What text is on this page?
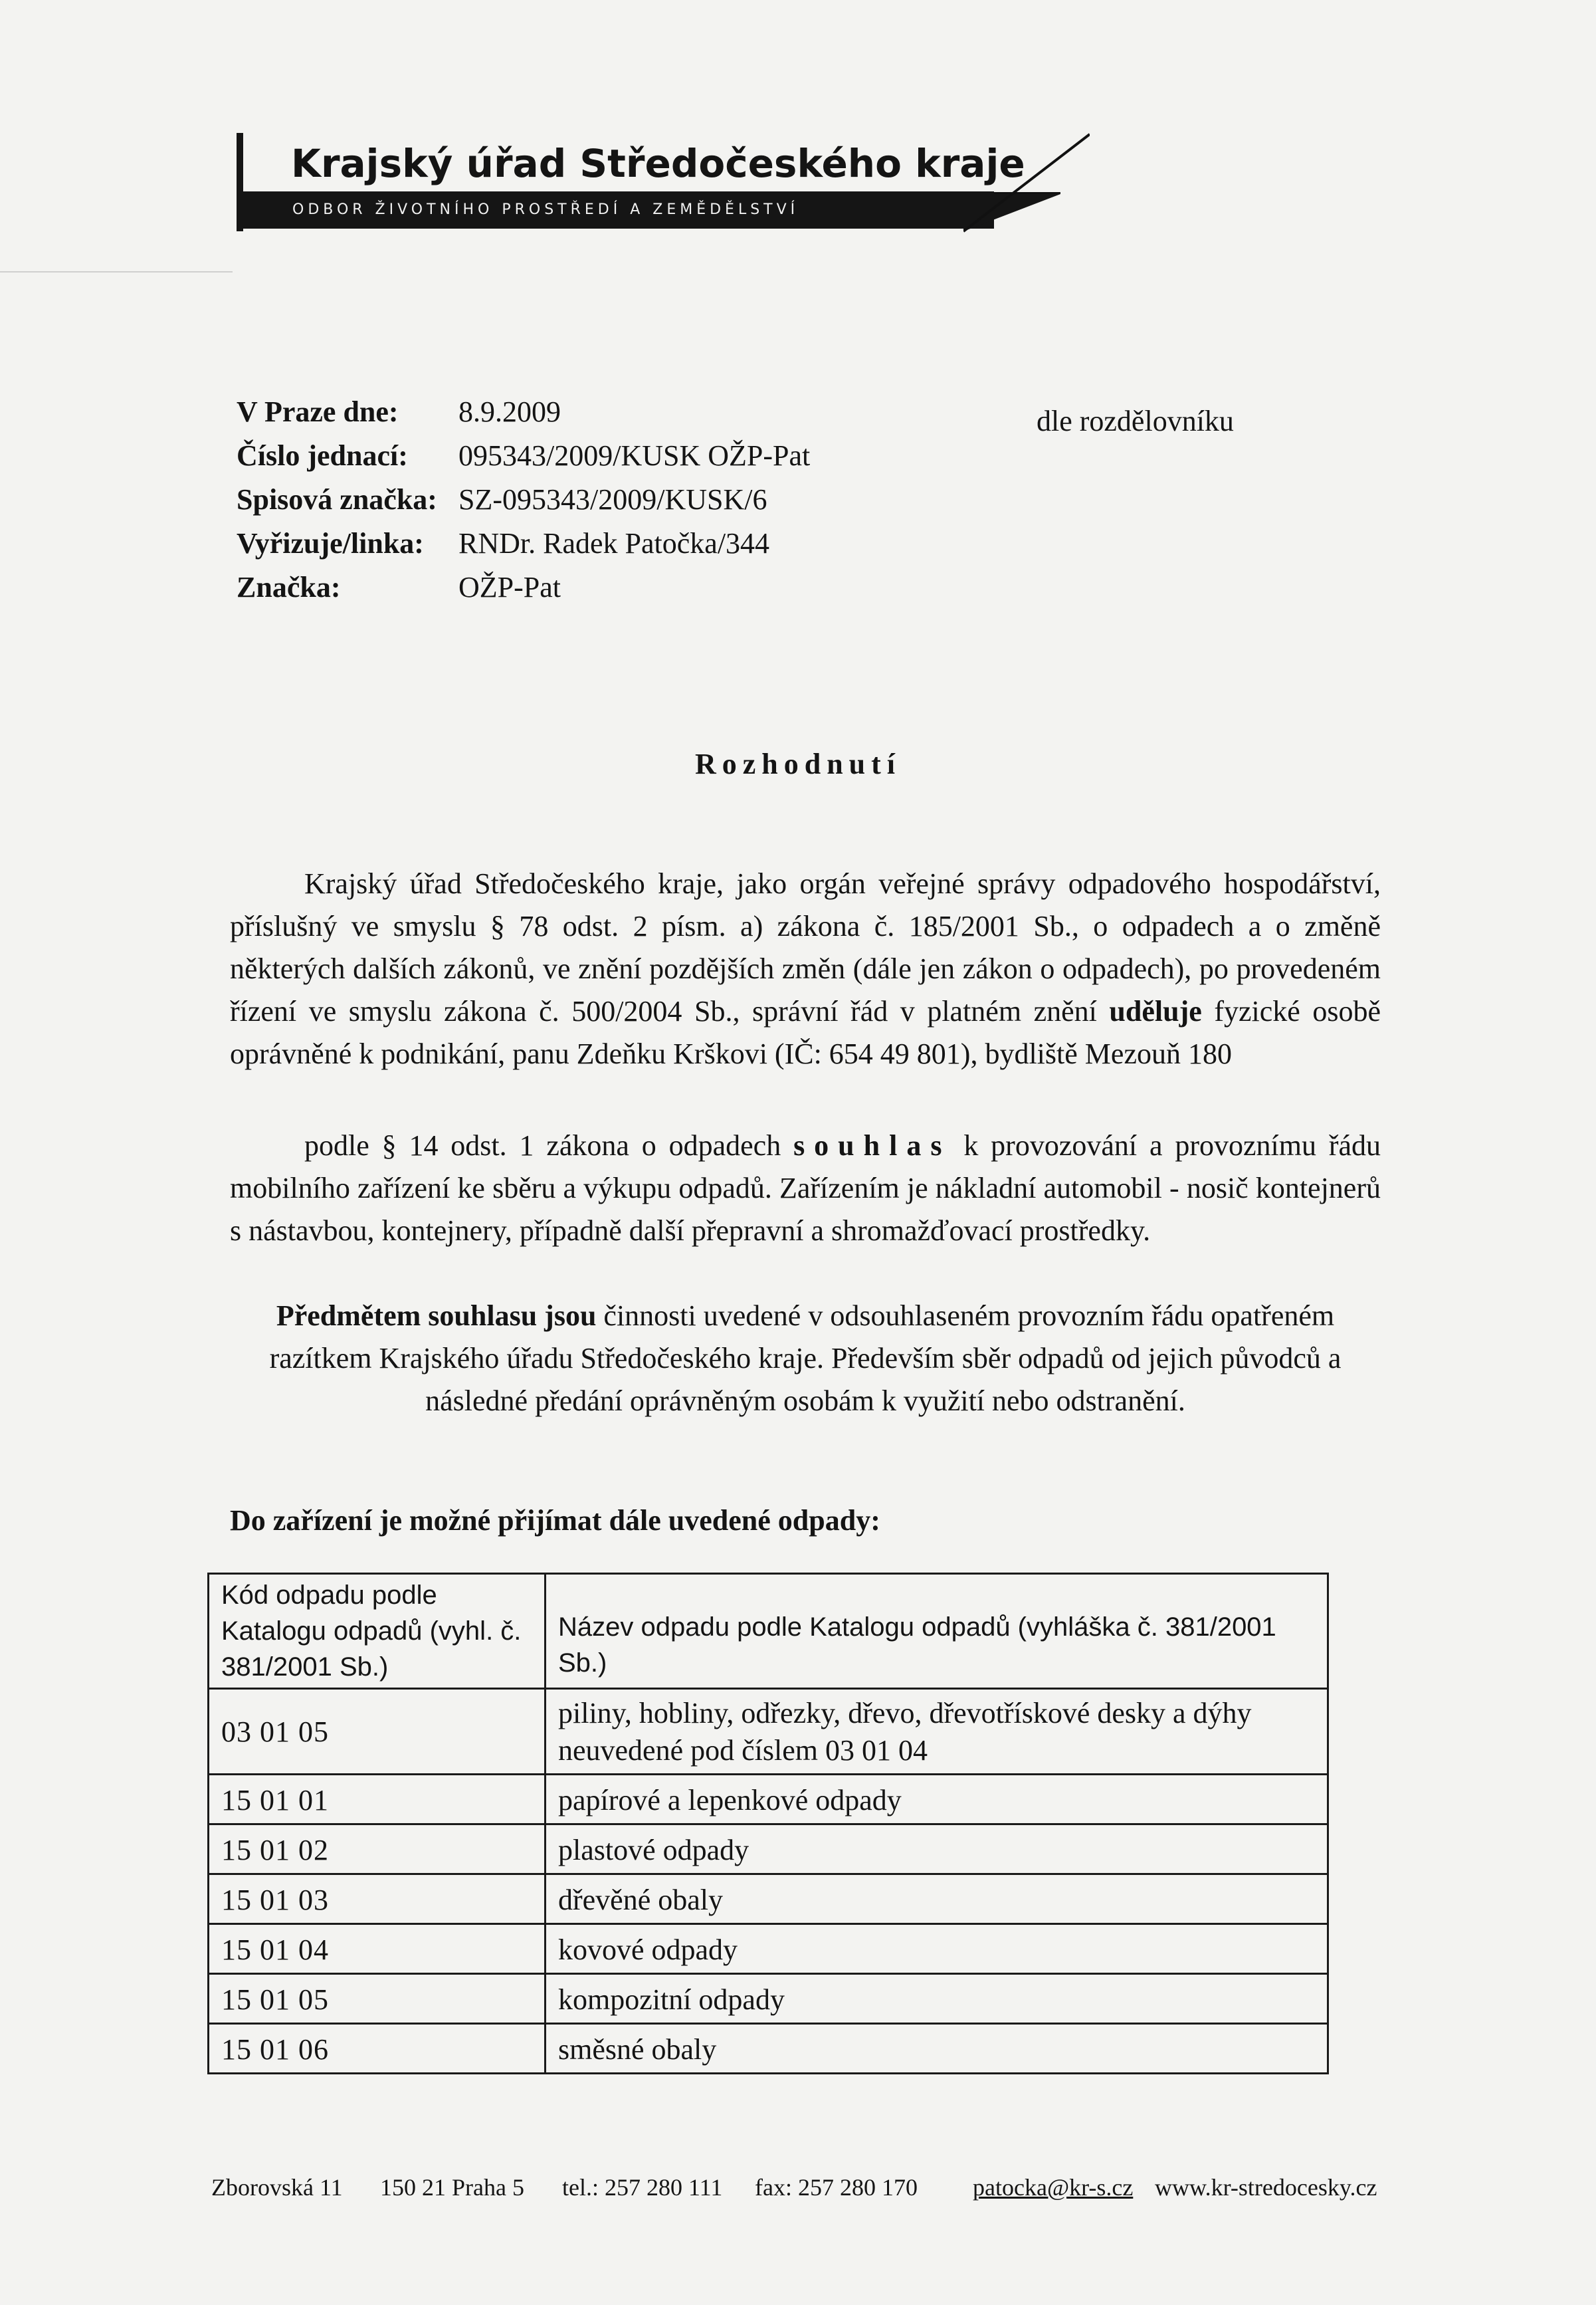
Krajský úřad Středočeského kraje
ODBOR ŽIVOTNÍHO PROSTŘEDÍ A ZEMĚDĚLSTVÍ
dle rozdělovníku
V Praze dne: 8.9.2009
Číslo jednací: 095343/2009/KUSK OŽP-Pat
Spisová značka: SZ-095343/2009/KUSK/6
Vyřizuje/linka: RNDr. Radek Patočka/344
Značka:	OŽP-Pat
Rozhodnutí
Krajský úřad Středočeského kraje, jako orgán veřejné správy odpadového hospodářství, příslušný ve smyslu § 78 odst. 2 písm. a) zákona č. 185/2001 Sb., o odpadech a o změně některých dalších zákonů, ve znění pozdějších změn (dále jen zákon o odpadech), po provedeném řízení ve smyslu zákona č. 500/2004 Sb., správní řád v platném znění uděluje fyzické osobě oprávněné k podnikání, panu Zdeňku Krškovi (IČ: 654 49 801), bydliště Mezouň 180
podle § 14 odst. 1 zákona o odpadech souhlas k provozování a provoznímu řádu mobilního zařízení ke sběru a výkupu odpadů. Zařízením je nákladní automobil - nosič kontejnerů s nástavbou, kontejnery, případně další přepravní a shromažďovací prostředky.
Předmětem souhlasu jsou činnosti uvedené v odsouhlaseném provozním řádu opatřeném razítkem Krajského úřadu Středočeského kraje. Především sběr odpadů od jejich původců a následné předání oprávněným osobám k využití nebo odstranění.
Do zařízení je možné přijímat dále uvedené odpady:
Kód odpadu podle Katalogu odpadů (vyhl. č. 381/2001 Sb.)	Název odpadu podle Katalogu odpadů (vyhláška č. 381/2001 Sb.)
03 01 05	piliny, hobliny, odřezky, dřevo, dřevotřískové desky a dýhy neuvedené pod číslem 03 01 04
15 01 01	papírové a lepenkové odpady
15 01 02	plastové odpady
15 01 03	dřevěné obaly
15 01 04	kovové odpady
15 01 05	kompozitní odpady
15 01 06	směsné obaly
Zborovská 11 150 21 Praha 5 tel.: 257 280 111 fax: 257 280 170 patocka@kr-s.cz www.kr-stredocesky.cz
